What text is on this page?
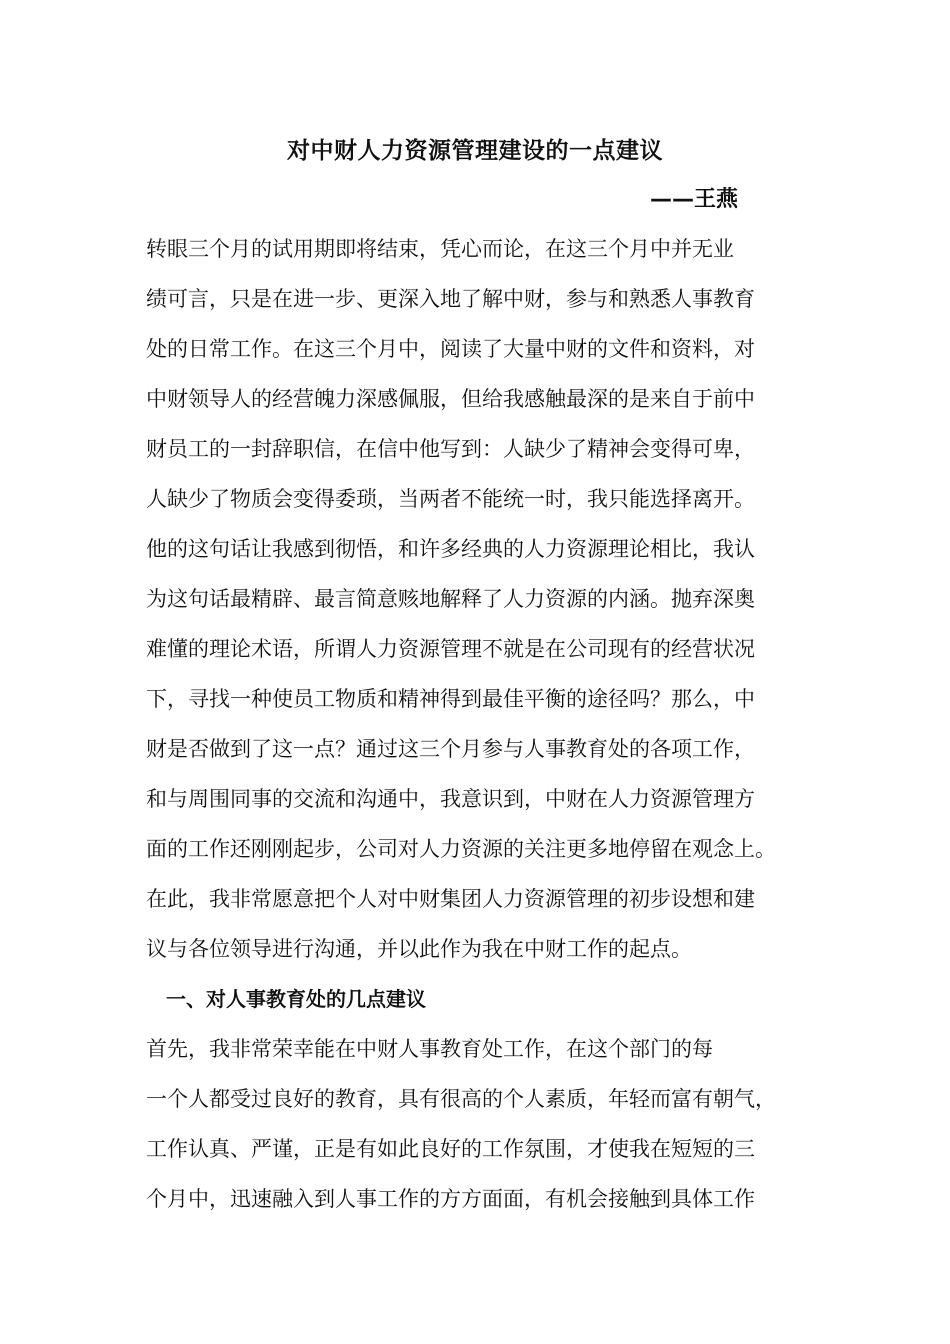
对中财人力资源管理建设的一点建议
——王燕
转眼三个月的试用期即将结束，凭心而论，在这三个月中并无业
绩可言，只是在进一步、更深入地了解中财，参与和熟悉人事教育
处的日常工作。在这三个月中，阅读了大量中财的文件和资料，对
中财领导人的经营魄力深感佩服，但给我感触最深的是来自于前中
财员工的一封辞职信，在信中他写到：人缺少了精神会变得可卑，
人缺少了物质会变得委琐，当两者不能统一时，我只能选择离开。
他的这句话让我感到彻悟，和许多经典的人力资源理论相比，我认
为这句话最精辟、最言简意赅地解释了人力资源的内涵。抛弃深奥
难懂的理论术语，所谓人力资源管理不就是在公司现有的经营状况
下，寻找一种使员工物质和精神得到最佳平衡的途径吗？那么，中
财是否做到了这一点？通过这三个月参与人事教育处的各项工作，
和与周围同事的交流和沟通中，我意识到，中财在人力资源管理方
面的工作还刚刚起步，公司对人力资源的关注更多地停留在观念上。
在此，我非常愿意把个人对中财集团人力资源管理的初步设想和建
议与各位领导进行沟通，并以此作为我在中财工作的起点。
一、对人事教育处的几点建议
首先，我非常荣幸能在中财人事教育处工作，在这个部门的每
一个人都受过良好的教育，具有很高的个人素质，年轻而富有朝气，
工作认真、严谨，正是有如此良好的工作氛围，才使我在短短的三
个月中，迅速融入到人事工作的方方面面，有机会接触到具体工作
